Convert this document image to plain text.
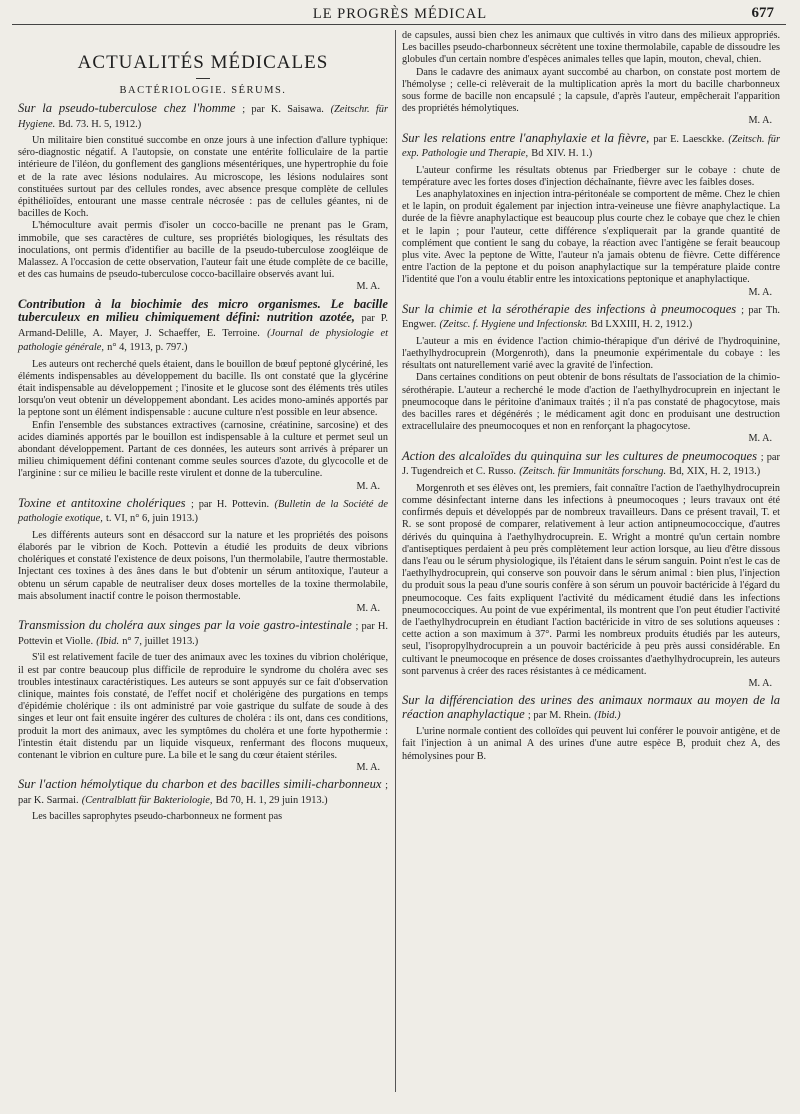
LE PROGRÈS MÉDICAL	677
ACTUALITÉS MÉDICALES
BACTÉRIOLOGIE. SÉRUMS.

Sur la pseudo-tuberculose chez l'homme ; par K. Saisawa. (Zeitschr. für Hygiene. Bd. 73. H. 5, 1912.)

Un militaire bien constitué succombe en onze jours à une infection d'allure typhique: séro-diagnostic négatif. A l'autopsie, on constate une entérite folliculaire de la partie intérieure de l'iléon, du gonflement des ganglions mésentériques, une hypertrophie du foie et de la rate avec lésions nodulaires. Au microscope, les lésions nodulaires sont constituées surtout par des cellules rondes, avec absence presque complète de cellules épithélioïdes, entourant une masse centrale nécrosée : pas de cellules géantes, ni de bacilles de Koch.

L'hémoculture avait permis d'isoler un cocco-bacille ne prenant pas le Gram, immobile, que ses caractères de culture, ses propriétés biologiques, les résultats des inoculations, ont permis d'identifier au bacille de la pseudo-tuberculose zoogléique de Malassez. A l'occasion de cette observation, l'auteur fait une étude complète de ce bacille, et des cas humains de pseudo-tuberculose cocco-bacillaire observés avant lui.

M. A.

Contribution à la biochimie des micro organismes. Le bacille tuberculeux en milieu chimiquement défini: nutrition azotée, par P. Armand-Delille, A. Mayer, J. Schaeffer, E. Terroine. (Journal de physiologie et pathologie générale, n° 4, 1913, p. 797.)

Les auteurs ont recherché quels étaient, dans le bouillon de bœuf peptoné glycériné, les éléments indispensables au développement du bacille. Ils ont constaté que la glycérine était indispensable au développement ; l'inosite et le glucose sont des éléments très utiles lorsqu'on veut obtenir un développement abondant. Les acides mono-aminés apportés par la peptone sont un élément indispensable : aucune culture n'est possible en leur absence.

Enfin l'ensemble des substances extractives (carnosine, créatinine, sarcosine) et des acides diaminés apportés par le bouillon est indispensable à la culture et permet seul un abondant développement. Partant de ces données, les auteurs sont arrivés à préparer un milieu chimiquement défini contenant comme seules sources d'azote, du glycocolle et de l'arginine : sur ce milieu le bacille reste virulent et donne de la tuberculine.

M. A.

Toxine et antitoxine cholériques ; par H. Pottevin. (Bulletin de la Société de pathologie exotique, t. VI, n° 6, juin 1913.)

Les différents auteurs sont en désaccord sur la nature et les propriétés des poisons élaborés par le vibrion de Koch. Pottevin a étudié les produits de deux vibrions cholériques et constaté l'existence de deux poisons, l'un thermolabile, l'autre thermostable. Injectant ces toxines à des ânes dans le but d'obtenir un sérum antitoxique, l'auteur a obtenu un sérum capable de neutraliser deux doses mortelles de la toxine thermolabile, mais absolument inactif contre le poison thermostable.

M. A.

Transmission du choléra aux singes par la voie gastro-intestinale ; par H. Pottevin et Violle. (Ibid. n° 7, juillet 1913.)

S'il est relativement facile de tuer des animaux avec les toxines du vibrion cholérique, il est par contre beaucoup plus difficile de reproduire le syndrome du choléra avec ses troubles intestinaux caractéristiques. Les auteurs se sont appuyés sur ce fait d'observation clinique, maintes fois constaté, de l'effet nocif et cholérigène des purgations en temps d'épidémie cholérique : ils ont administré par voie gastrique du sulfate de soude à des singes et leur ont fait ensuite ingérer des cultures de choléra : ils ont, dans ces conditions, produit la mort des animaux, avec les symptômes du choléra et une forte hypothermie : l'intestin était distendu par un liquide visqueux, renfermant des flocons muqueux, contenant le vibrion en culture pure. La bile et le sang du cœur étaient stériles.

M. A.

Sur l'action hémolytique du charbon et des bacilles simili-charbonneux ; par K. Sarmai. (Centralblatt für Bakteriologie, Bd 70, H. 1, 29 juin 1913.)

Les bacilles saprophytes pseudo-charbonneux ne forment pas

de capsules, aussi bien chez les animaux que cultivés in vitro dans des milieux appropriés. Les bacilles pseudo-charbonneux sécrètent une toxine thermolabile, capable de dissoudre les globules d'un certain nombre d'espèces animales telles que lapin, mouton, cheval, chien.

Dans le cadavre des animaux ayant succombé au charbon, on constate post mortem de l'hémolyse ; celle-ci relèverait de la multiplication après la mort du bacille charbonneux sous forme de bacille non encapsulé ; la capsule, d'après l'auteur, empêcherait l'apparition des propriétés hémolytiques.

M. A.

Sur les relations entre l'anaphylaxie et la fièvre, par E. Laesckke. (Zeitsch. für exp. Pathologie und Therapie, Bd XIV. H. 1.)

L'auteur confirme les résultats obtenus par Friedberger sur le cobaye : chute de température avec les fortes doses d'injection déchaînante, fièvre avec les faibles doses.

Les anaphylatoxines en injection intra-péritonéale se comportent de même. Chez le chien et le lapin, on produit également par injection intra-veineuse une fièvre anaphylactique. La durée de la fièvre anaphylactique est beaucoup plus courte chez le cobaye que chez le chien et le lapin ; pour l'auteur, cette différence s'expliquerait par la grande quantité de complément que contient le sang du cobaye, la réaction avec l'antigène se ferait beaucoup plus vite. Avec la peptone de Witte, l'auteur n'a jamais obtenu de fièvre. Cette différence entre l'action de la peptone et du poison anaphylactique sur la température plaide contre l'identité que l'on a voulu établir entre les intoxications peptonique et anaphylactique.

M. A.

Sur la chimie et la sérothérapie des infections à pneumocoques ; par Th. Engwer. (Zeitsc. f. Hygiene und Infectionskr. Bd LXXIII, H. 2, 1912.)

L'auteur a mis en évidence l'action chimio-thérapique d'un dérivé de l'hydroquinine, l'aethylhydrocuprein (Morgenroth), dans la pneumonie expérimentale du cobaye : les résultats ont naturellement varié avec la gravité de l'infection.

Dans certaines conditions on peut obtenir de bons résultats de l'association de la chimio-sérothérapie. L'auteur a recherché le mode d'action de l'aethylhydrocuprein en injectant le pneumocoque dans le péritoine d'animaux traités ; il n'a pas constaté de phagocytose, mais des bacilles rares et dégénérés ; le médicament agit donc en produisant une destruction extracellulaire des pneumocoques et non en renforçant la phagocytose.

M. A.

Action des alcaloïdes du quinquina sur les cultures de pneumocoques ; par J. Tugendreich et C. Russo. (Zeitsch. für Immunitäts forschung. Bd, XIX, H. 2, 1913.)

Morgenroth et ses élèves ont, les premiers, fait connaître l'action de l'aethylhydrocuprein comme désinfectant interne dans les infections à pneumocoques ; leurs travaux ont été confirmés depuis et développés par de nombreux travailleurs. Dans ce présent travail, T. et R. se sont proposé de comparer, relativement à leur action antipneumococcique, d'autres dérivés du quinquina à l'aethylhydrocuprein. E. Wright a montré qu'un certain nombre d'antiseptiques perdaient à peu près complètement leur action lorsque, au lieu d'être dissous dans l'eau ou le sérum physiologique, ils l'étaient dans le sérum sanguin. Point n'est le cas de l'aethylhydrocuprein, qui conserve son pouvoir dans le sérum animal : bien plus, l'injection du produit sous la peau d'une souris confère à son sérum un pouvoir bactéricide à l'égard du pneumocoque. Ces faits expliquent l'activité du médicament étudié dans les infections pneumococciques. Au point de vue expérimental, ils montrent que l'on peut étudier l'activité de l'aethylhydrocuprein en étudiant l'action bactéricide in vitro de ses solutions aqueuses : cette action a son maximum à 37°. Parmi les nombreux produits étudiés par les auteurs, seul, l'isopropylhydrocuprein a un pouvoir bactéricide à peu près aussi considérable. En cultivant le pneumocoque en présence de doses croissantes d'aethylhydrocuprein, les auteurs sont parvenus à créer des races résistantes à ce médicament.

M. A.

Sur la différenciation des urines des animaux normaux au moyen de la réaction anaphylactique ; par M. Rhein. (Ibid.)

L'urine normale contient des colloïdes qui peuvent lui conférer le pouvoir antigène, et de fait l'injection à un animal A des urines d'une autre espèce B, produit chez A, des hémolysines pour B.
